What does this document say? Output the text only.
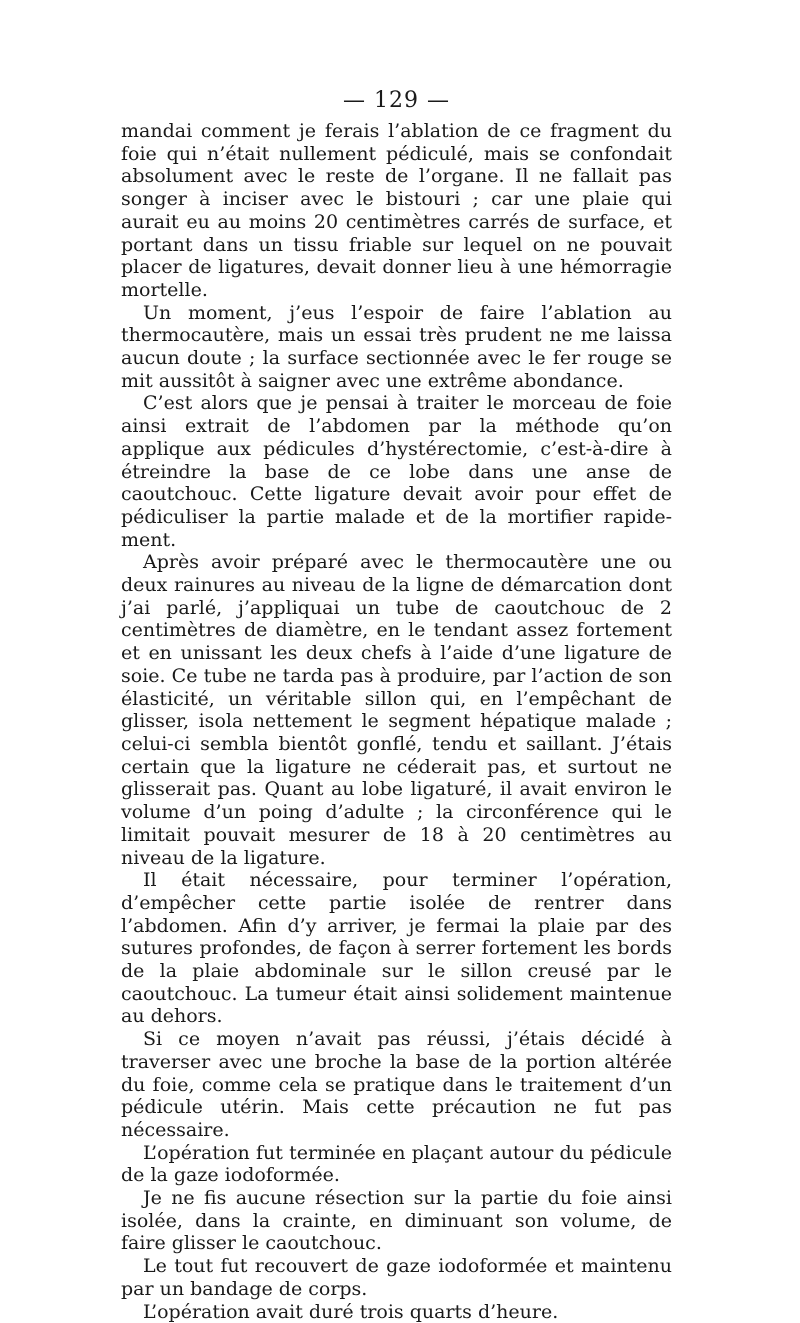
— 129 —

mandai comment je ferais l’ablation de ce fragment du foie qui n’était nullement pédiculé, mais se confondait absolument avec le reste de l’organe. Il ne fallait pas songer à inciser avec le bistouri ; car une plaie qui aurait eu au moins 20 centimètres carrés de surface, et portant dans un tissu friable sur lequel on ne pouvait placer de ligatures, devait donner lieu à une hémorragie mortelle.

Un moment, j’eus l’espoir de faire l’ablation au thermocautère, mais un essai très prudent ne me laissa aucun doute ; la surface sectionnée avec le fer rouge se mit aussitôt à saigner avec une extrême abondance.

C’est alors que je pensai à traiter le morceau de foie ainsi extrait de l’abdomen par la méthode qu’on applique aux pédicules d’hystérectomie, c’est-à-dire à étreindre la base de ce lobe dans une anse de caoutchouc. Cette ligature devait avoir pour effet de pédiculiser la partie malade et de la mortifier rapidement.

Après avoir préparé avec le thermocautère une ou deux rainures au niveau de la ligne de démarcation dont j’ai parlé, j’appliquai un tube de caoutchouc de 2 centimètres de diamètre, en le tendant assez fortement et en unissant les deux chefs à l’aide d’une ligature de soie. Ce tube ne tarda pas à produire, par l’action de son élasticité, un véritable sillon qui, en l’empêchant de glisser, isola nettement le segment hépatique malade ; celui-ci sembla bientôt gonflé, tendu et saillant. J’étais certain que la ligature ne céderait pas, et surtout ne glisserait pas. Quant au lobe ligaturé, il avait environ le volume d’un poing d’adulte ; la circonférence qui le limitait pouvait mesurer de 18 à 20 centimètres au niveau de la ligature.

Il était nécessaire, pour terminer l’opération, d’empêcher cette partie isolée de rentrer dans l’abdomen. Afin d’y arriver, je fermai la plaie par des sutures profondes, de façon à serrer fortement les bords de la plaie abdominale sur le sillon creusé par le caoutchouc. La tumeur était ainsi solidement maintenue au dehors.

Si ce moyen n’avait pas réussi, j’étais décidé à traverser avec une broche la base de la portion altérée du foie, comme cela se pratique dans le traitement d’un pédicule utérin. Mais cette précaution ne fut pas nécessaire.

L’opération fut terminée en plaçant autour du pédicule de la gaze iodoformée.

Je ne fis aucune résection sur la partie du foie ainsi isolée, dans la crainte, en diminuant son volume, de faire glisser le caoutchouc.

Le tout fut recouvert de gaze iodoformée et maintenu par un bandage de corps.

L’opération avait duré trois quarts d’heure.
